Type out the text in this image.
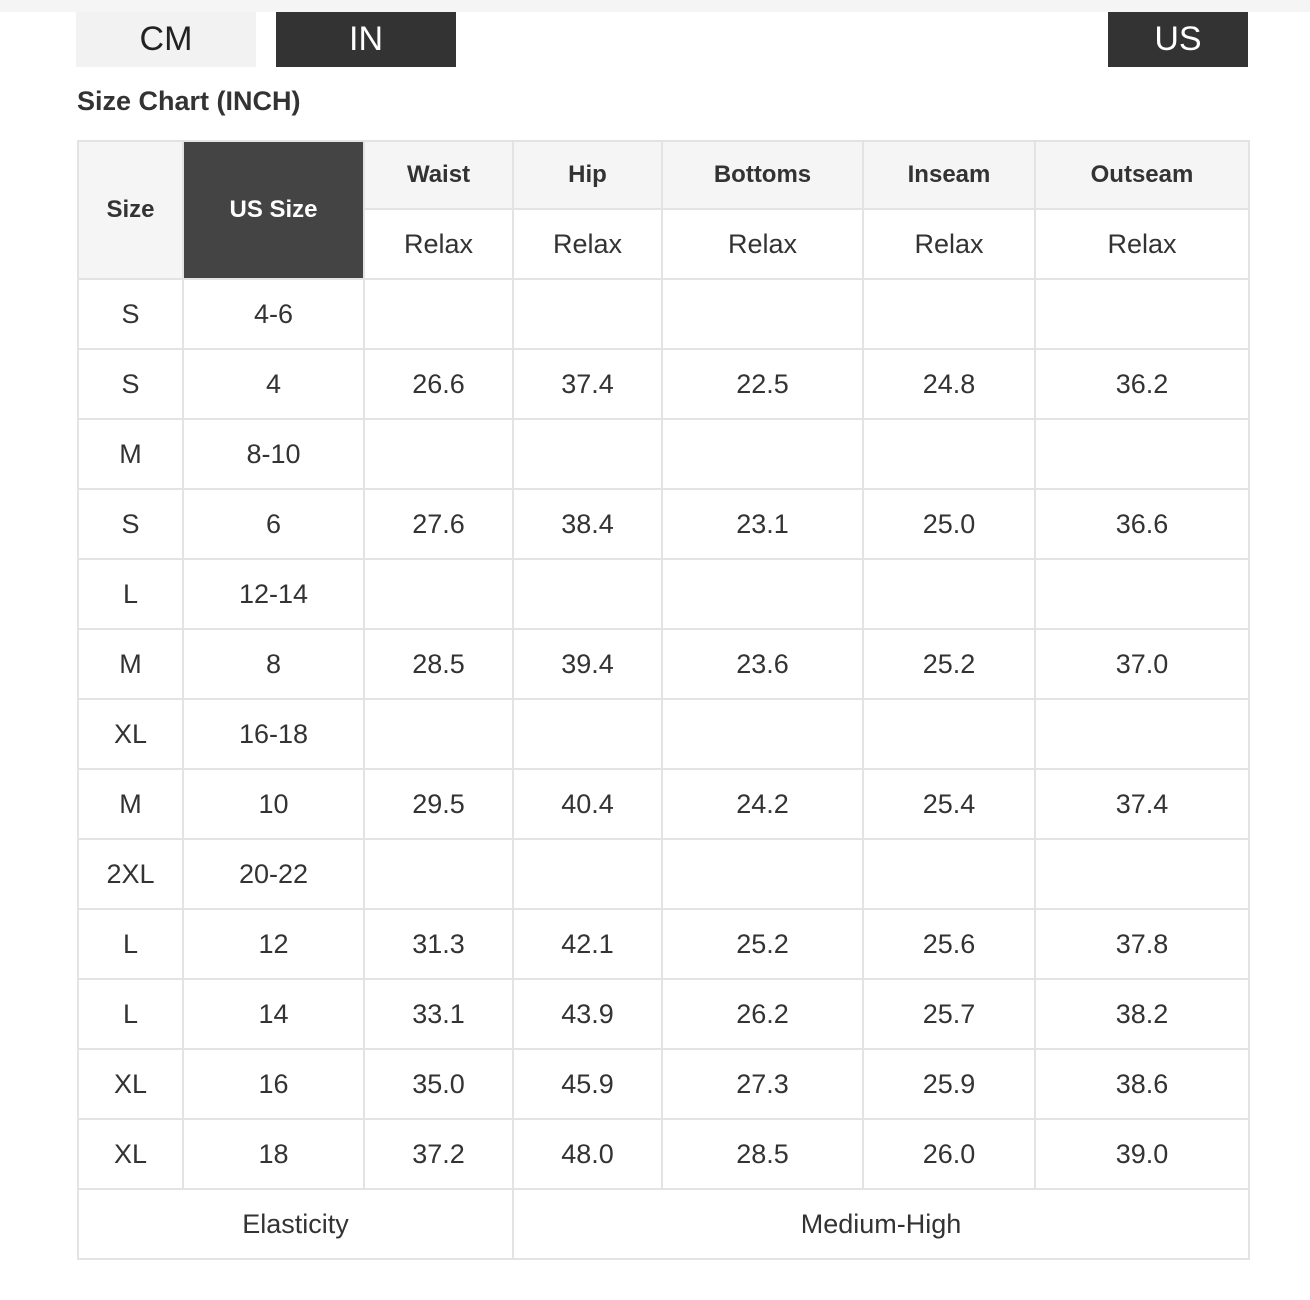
CM	IN	US
Size Chart (INCH)
Size	US Size	Waist	Hip	Bottoms	Inseam	Outseam
		Relax	Relax	Relax	Relax	Relax
S	4-6					
S	4	26.6	37.4	22.5	24.8	36.2
M	8-10					
S	6	27.6	38.4	23.1	25.0	36.6
L	12-14					
M	8	28.5	39.4	23.6	25.2	37.0
XL	16-18					
M	10	29.5	40.4	24.2	25.4	37.4
2XL	20-22					
L	12	31.3	42.1	25.2	25.6	37.8
L	14	33.1	43.9	26.2	25.7	38.2
XL	16	35.0	45.9	27.3	25.9	38.6
XL	18	37.2	48.0	28.5	26.0	39.0
Elasticity			Medium-High			
